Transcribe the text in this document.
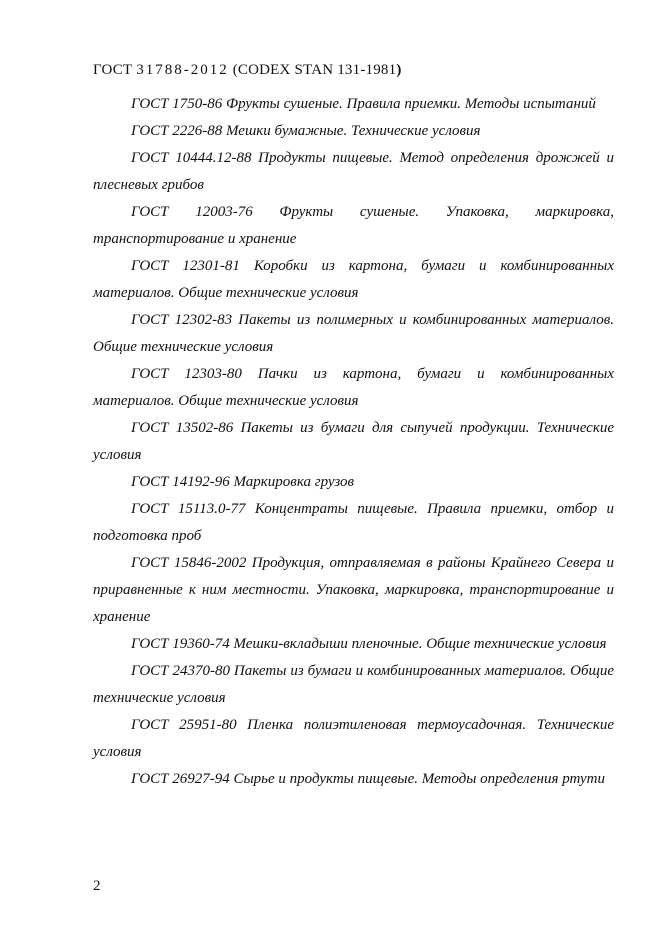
ГОСТ 31788-2012 (CODEX STAN 131-1981)

ГОСТ 1750-86 Фрукты сушеные. Правила приемки. Методы испытаний

ГОСТ 2226-88 Мешки бумажные. Технические условия

ГОСТ 10444.12-88 Продукты пищевые. Метод определения дрожжей и плесневых грибов

ГОСТ 12003-76 Фрукты сушеные. Упаковка, маркировка, транспортирование и хранение

ГОСТ 12301-81 Коробки из картона, бумаги и комбинированных материалов. Общие технические условия

ГОСТ 12302-83 Пакеты из полимерных и комбинированных материалов. Общие технические условия

ГОСТ 12303-80 Пачки из картона, бумаги и комбинированных материалов. Общие технические условия

ГОСТ 13502-86 Пакеты из бумаги для сыпучей продукции. Технические условия

ГОСТ 14192-96 Маркировка грузов

ГОСТ 15113.0-77 Концентраты пищевые. Правила приемки, отбор и подготовка проб

ГОСТ 15846-2002 Продукция, отправляемая в районы Крайнего Севера и приравненные к ним местности. Упаковка, маркировка, транспортирование и хранение

ГОСТ 19360-74 Мешки-вкладыши пленочные. Общие технические условия

ГОСТ 24370-80 Пакеты из бумаги и комбинированных материалов. Общие технические условия

ГОСТ 25951-80 Пленка полиэтиленовая термоусадочная. Технические условия

ГОСТ 26927-94 Сырье и продукты пищевые. Методы определения ртути

2
